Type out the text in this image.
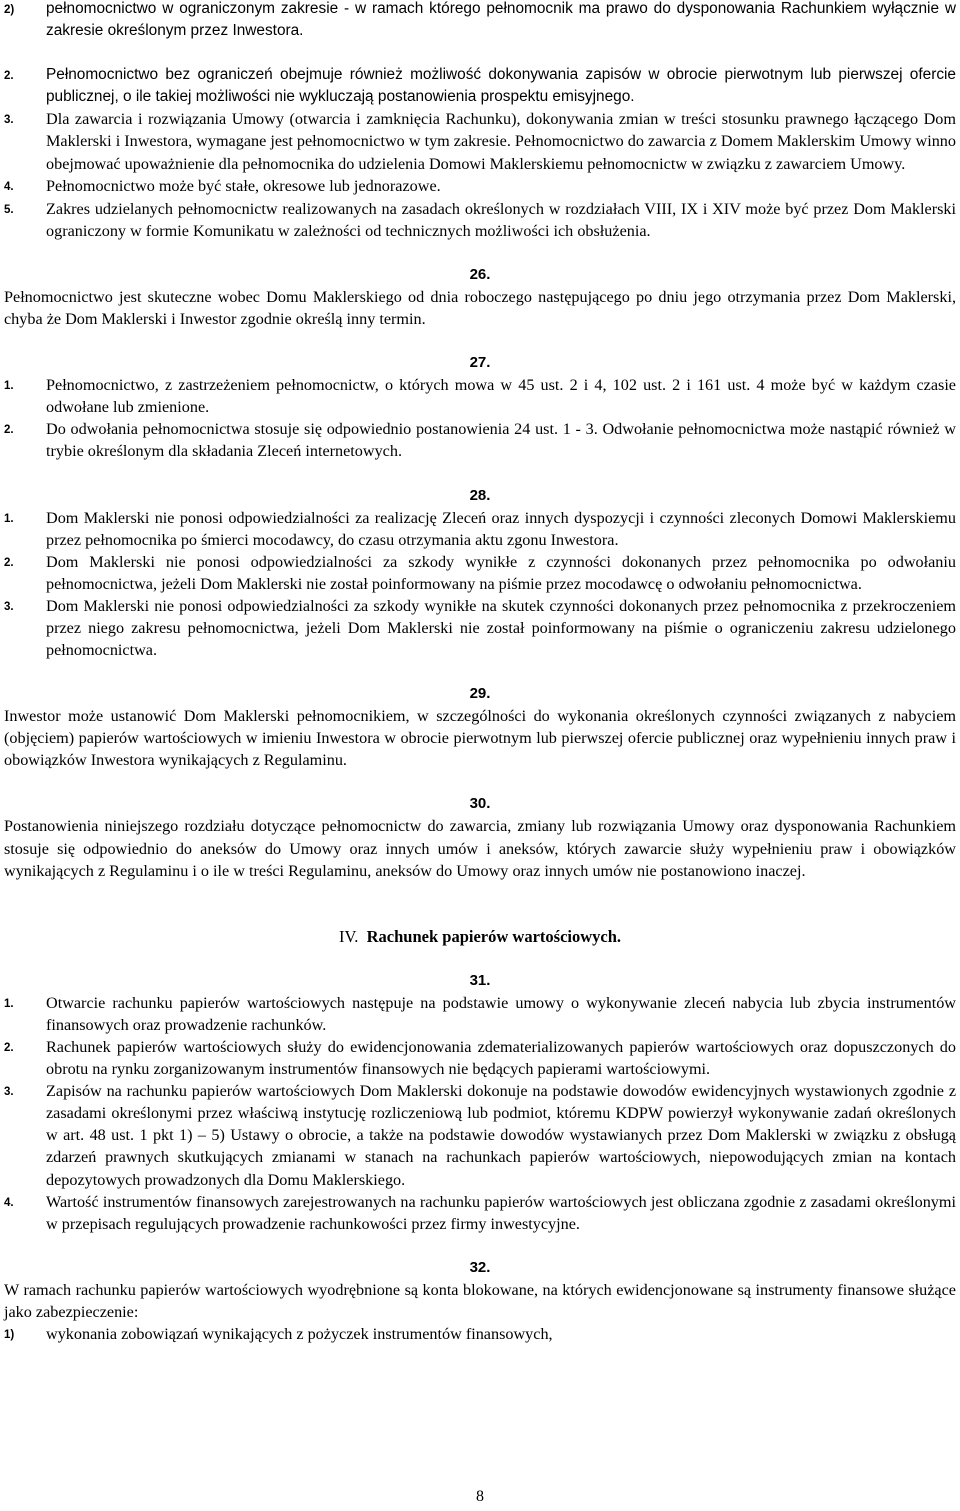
2)	pełnomocnictwo w ograniczonym zakresie - w ramach którego pełnomocnik ma prawo do dysponowania Rachunkiem wyłącznie w zakresie określonym przez Inwestora.
2.	Pełnomocnictwo bez ograniczeń obejmuje również możliwość dokonywania zapisów w obrocie pierwotnym lub pierwszej ofercie publicznej, o ile takiej możliwości nie wykluczają postanowienia prospektu emisyjnego.
3.	Dla zawarcia i rozwiązania Umowy (otwarcia i zamknięcia Rachunku), dokonywania zmian w treści stosunku prawnego łączącego Dom Maklerski i Inwestora, wymagane jest pełnomocnictwo w tym zakresie. Pełnomocnictwo do zawarcia z Domem Maklerskim Umowy winno obejmować upoważnienie dla pełnomocnika do udzielenia Domowi Maklerskiemu pełnomocnictw w związku z zawarciem Umowy.
4.	Pełnomocnictwo może być stałe, okresowe lub jednorazowe.
5.	Zakres udzielanych pełnomocnictw realizowanych na zasadach określonych w rozdziałach VIII, IX i XIV może być przez Dom Maklerski ograniczony w formie Komunikatu w zależności od technicznych możliwości ich obsłużenia.
26.
Pełnomocnictwo jest skuteczne wobec Domu Maklerskiego od dnia roboczego następującego po dniu jego otrzymania przez Dom Maklerski, chyba że Dom Maklerski i Inwestor zgodnie określą inny termin.
27.
1.	Pełnomocnictwo, z zastrzeżeniem pełnomocnictw, o których mowa w 45 ust. 2 i 4, 102 ust. 2 i 161 ust. 4 może być w każdym czasie odwołane lub zmienione.
2.	Do odwołania pełnomocnictwa stosuje się odpowiednio postanowienia 24 ust. 1 - 3. Odwołanie pełnomocnictwa może nastąpić również w trybie określonym dla składania Zleceń internetowych.
28.
1.	Dom Maklerski nie ponosi odpowiedzialności za realizację Zleceń oraz innych dyspozycji i czynności zleconych Domowi Maklerskiemu przez pełnomocnika po śmierci mocodawcy, do czasu otrzymania aktu zgonu Inwestora.
2.	Dom Maklerski nie ponosi odpowiedzialności za szkody wynikłe z czynności dokonanych przez pełnomocnika po odwołaniu pełnomocnictwa, jeżeli Dom Maklerski nie został poinformowany na piśmie przez mocodawcę o odwołaniu pełnomocnictwa.
3.	Dom Maklerski nie ponosi odpowiedzialności za szkody wynikłe na skutek czynności dokonanych przez pełnomocnika z przekroczeniem przez niego zakresu pełnomocnictwa, jeżeli Dom Maklerski nie został poinformowany na piśmie o ograniczeniu zakresu udzielonego pełnomocnictwa.
29.
Inwestor może ustanowić Dom Maklerski pełnomocnikiem, w szczególności do wykonania określonych czynności związanych z nabyciem (objęciem) papierów wartościowych w imieniu Inwestora w obrocie pierwotnym lub pierwszej ofercie publicznej oraz wypełnieniu innych praw i obowiązków Inwestora wynikających z Regulaminu.
30.
Postanowienia niniejszego rozdziału dotyczące pełnomocnictw do zawarcia, zmiany lub rozwiązania Umowy oraz dysponowania Rachunkiem stosuje się odpowiednio do aneksów do Umowy oraz innych umów i aneksów, których zawarcie służy wypełnieniu praw i obowiązków wynikających z Regulaminu i o ile w treści Regulaminu, aneksów do Umowy oraz innych umów nie postanowiono inaczej.
IV. Rachunek papierów wartościowych.
31.
1.	Otwarcie rachunku papierów wartościowych następuje na podstawie umowy o wykonywanie zleceń nabycia lub zbycia instrumentów finansowych oraz prowadzenie rachunków.
2.	Rachunek papierów wartościowych służy do ewidencjonowania zdematerializowanych papierów wartościowych oraz dopuszczonych do obrotu na rynku zorganizowanym instrumentów finansowych nie będących papierami wartościowymi.
3.	Zapisów na rachunku papierów wartościowych Dom Maklerski dokonuje na podstawie dowodów ewidencyjnych wystawionych zgodnie z zasadami określonymi przez właściwą instytucję rozliczeniową lub podmiot, któremu KDPW powierzył wykonywanie zadań określonych w art. 48 ust. 1 pkt 1) – 5) Ustawy o obrocie, a także na podstawie dowodów wystawianych przez Dom Maklerski w związku z obsługą zdarzeń prawnych skutkujących zmianami w stanach na rachunkach papierów wartościowych, niepowodujących zmian na kontach depozytowych prowadzonych dla Domu Maklerskiego.
4.	Wartość instrumentów finansowych zarejestrowanych na rachunku papierów wartościowych jest obliczana zgodnie z zasadami określonymi w przepisach regulujących prowadzenie rachunkowości przez firmy inwestycyjne.
32.
W ramach rachunku papierów wartościowych wyodrębnione są konta blokowane, na których ewidencjonowane są instrumenty finansowe służące jako zabezpieczenie:
1)	wykonania zobowiązań wynikających z pożyczek instrumentów finansowych,
8
